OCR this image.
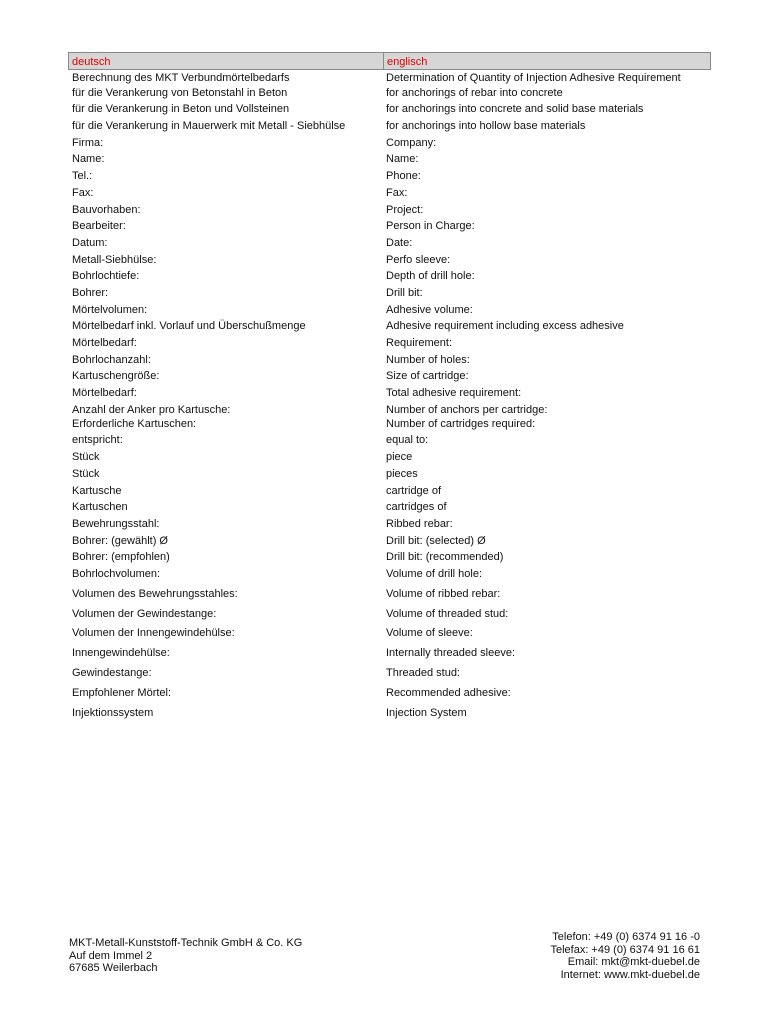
deutsch	englisch
Berechnung des MKT Verbundmörtelbedarfs	Determination of Quantity of Injection Adhesive Requirement
für die Verankerung von Betonstahl in Beton	for anchorings of rebar into concrete
für die Verankerung in Beton und Vollsteinen	for anchorings into concrete and solid base materials
für die Verankerung in Mauerwerk mit Metall - Siebhülse	for anchorings into hollow base materials
Firma:	Company:
Name:	Name:
Tel.:	Phone:
Fax:	Fax:
Bauvorhaben:	Project:
Bearbeiter:	Person in Charge:
Datum:	Date:
Metall-Siebhülse:	Perfo sleeve:
Bohrlochtiefe:	Depth of drill hole:
Bohrer:	Drill bit:
Mörtelvolumen:	Adhesive volume:
Mörtelbedarf inkl. Vorlauf und Überschußmenge	Adhesive requirement including excess adhesive
Mörtelbedarf:	Requirement:
Bohrlochanzahl:	Number of holes:
Kartuschengröße:	Size of cartridge:
Mörtelbedarf:	Total adhesive requirement:
Anzahl der Anker pro Kartusche:	Number of anchors per cartridge:
Erforderliche Kartuschen:	Number of cartridges required:
entspricht:	equal to:
Stück	piece
Stück	pieces
Kartusche	cartridge of
Kartuschen	cartridges of
Bewehrungsstahl:	Ribbed rebar:
Bohrer: (gewählt) Ø	Drill bit: (selected) Ø
Bohrer: (empfohlen)	Drill bit: (recommended)
Bohrlochvolumen:	Volume of drill hole:
Volumen des Bewehrungsstahles:	Volume of ribbed rebar:
Volumen der Gewindestange:	Volume of threaded stud:
Volumen der Innengewindehülse:	Volume of sleeve:
Innengewindehülse:	Internally threaded sleeve:
Gewindestange:	Threaded stud:
Empfohlener Mörtel:	Recommended adhesive:
Injektionssystem	Injection System
MKT-Metall-Kunststoff-Technik GmbH & Co. KG
Auf dem Immel 2
67685 Weilerbach
Telefon: +49 (0) 6374 91 16 -0
Telefax: +49 (0) 6374 91 16 61
Email: mkt@mkt-duebel.de
Internet: www.mkt-duebel.de
